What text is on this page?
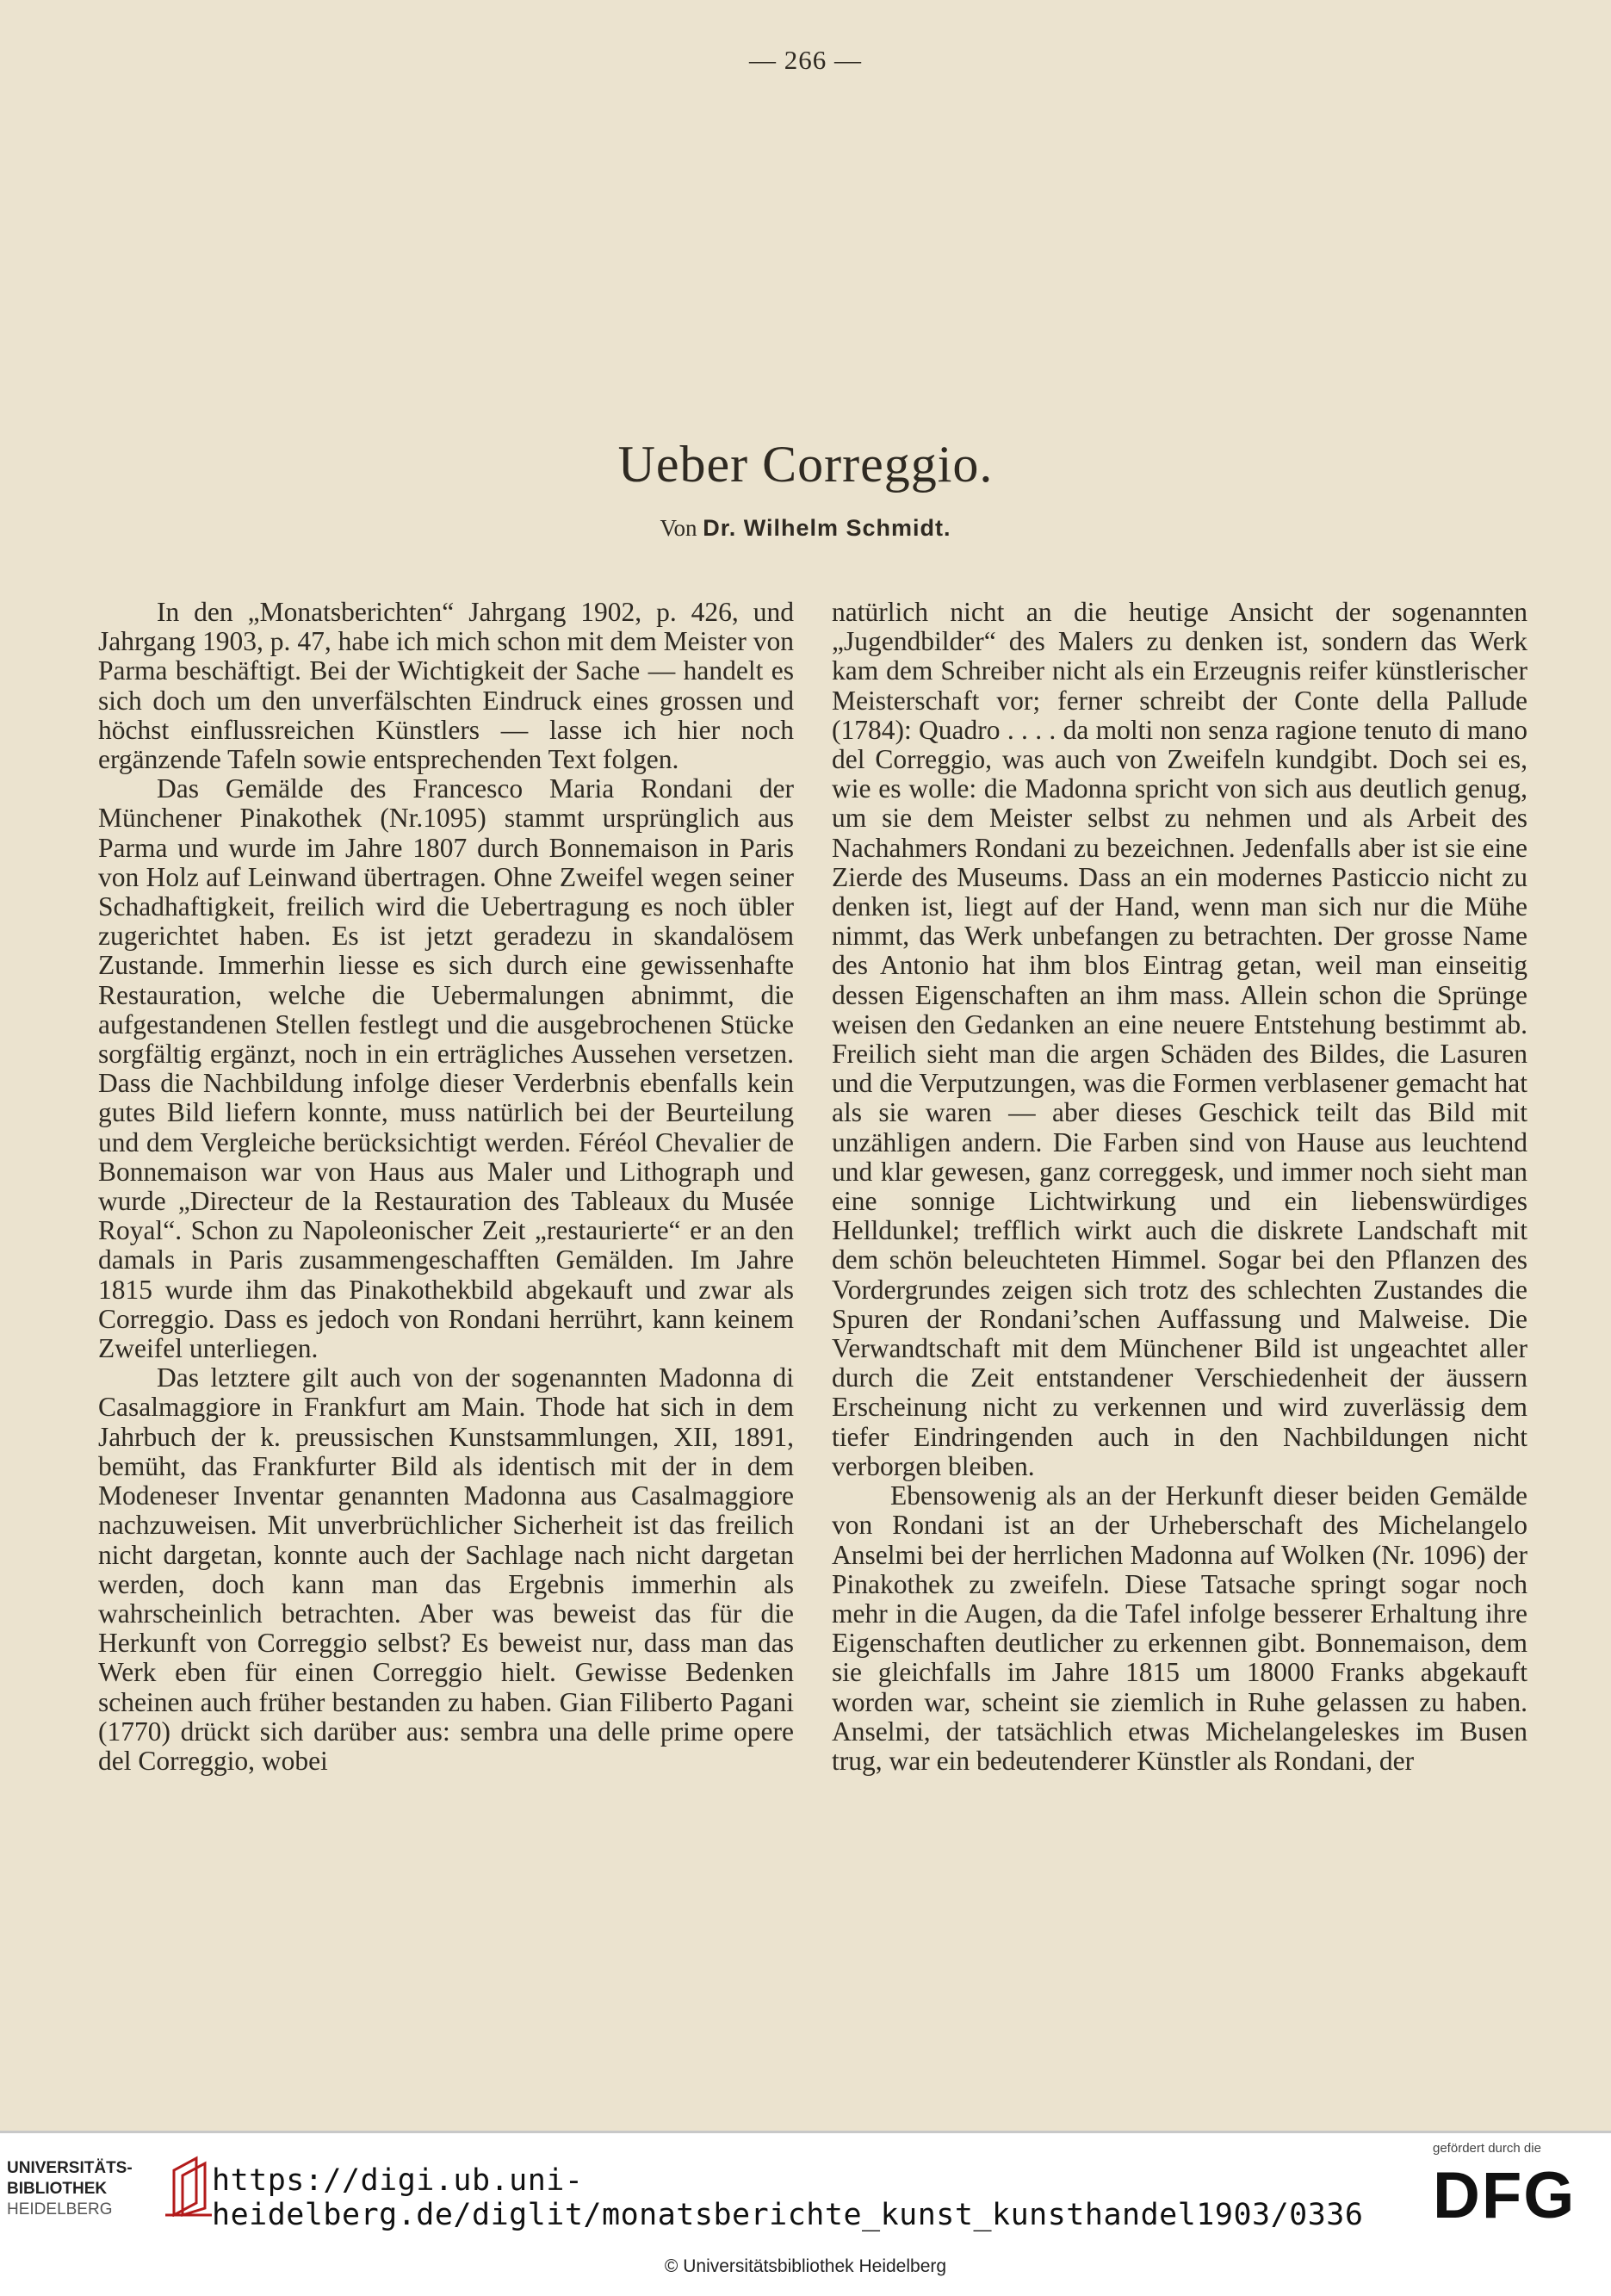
— 266 —
Ueber Correggio.
Von Dr. Wilhelm Schmidt.

In den „Monatsberichten“ Jahrgang 1902, p. 426, und Jahrgang 1903, p. 47, habe ich mich schon mit dem Meister von Parma beschäftigt. Bei der Wichtigkeit der Sache — handelt es sich doch um den unverfälschten Eindruck eines grossen und höchst einflussreichen Künstlers — lasse ich hier noch ergänzende Tafeln sowie entsprechenden Text folgen.

Das Gemälde des Francesco Maria Rondani der Münchener Pinakothek (Nr.1095) stammt ursprünglich aus Parma und wurde im Jahre 1807 durch Bonnemaison in Paris von Holz auf Leinwand übertragen. Ohne Zweifel wegen seiner Schadhaftigkeit, freilich wird die Uebertragung es noch übler zugerichtet haben. Es ist jetzt geradezu in skandalösem Zustande. Immerhin liesse es sich durch eine gewissenhafte Restauration, welche die Uebermalungen abnimmt, die aufgestandenen Stellen festlegt und die ausgebrochenen Stücke sorgfältig ergänzt, noch in ein erträgliches Aussehen versetzen. Dass die Nachbildung infolge dieser Verderbnis ebenfalls kein gutes Bild liefern konnte, muss natürlich bei der Beurteilung und dem Vergleiche berücksichtigt werden. Féréol Chevalier de Bonnemaison war von Haus aus Maler und Lithograph und wurde „Directeur de la Restauration des Tableaux du Musée Royal“. Schon zu Napoleonischer Zeit „restaurierte“ er an den damals in Paris zusammengeschafften Gemälden. Im Jahre 1815 wurde ihm das Pinakothekbild abgekauft und zwar als Correggio. Dass es jedoch von Rondani herrührt, kann keinem Zweifel unterliegen.

Das letztere gilt auch von der sogenannten Madonna di Casalmaggiore in Frankfurt am Main. Thode hat sich in dem Jahrbuch der k. preussischen Kunstsammlungen, XII, 1891, bemüht, das Frankfurter Bild als identisch mit der in dem Modeneser Inventar genannten Madonna aus Casalmaggiore nachzuweisen. Mit unverbrüchlicher Sicherheit ist das freilich nicht dargetan, konnte auch der Sachlage nach nicht dargetan werden, doch kann man das Ergebnis immerhin als wahrscheinlich betrachten. Aber was beweist das für die Herkunft von Correggio selbst? Es beweist nur, dass man das Werk eben für einen Correggio hielt. Gewisse Bedenken scheinen auch früher bestanden zu haben. Gian Filiberto Pagani (1770) drückt sich darüber aus: sembra una delle prime opere del Correggio, wobei

natürlich nicht an die heutige Ansicht der sogenannten „Jugendbilder“ des Malers zu denken ist, sondern das Werk kam dem Schreiber nicht als ein Erzeugnis reifer künstlerischer Meisterschaft vor; ferner schreibt der Conte della Pallude (1784): Quadro . . . . da molti non senza ragione tenuto di mano del Correggio, was auch von Zweifeln kundgibt. Doch sei es, wie es wolle: die Madonna spricht von sich aus deutlich genug, um sie dem Meister selbst zu nehmen und als Arbeit des Nachahmers Rondani zu bezeichnen. Jedenfalls aber ist sie eine Zierde des Museums. Dass an ein modernes Pasticcio nicht zu denken ist, liegt auf der Hand, wenn man sich nur die Mühe nimmt, das Werk unbefangen zu betrachten. Der grosse Name des Antonio hat ihm blos Eintrag getan, weil man einseitig dessen Eigenschaften an ihm mass. Allein schon die Sprünge weisen den Gedanken an eine neuere Entstehung bestimmt ab. Freilich sieht man die argen Schäden des Bildes, die Lasuren und die Verputzungen, was die Formen verblasener gemacht hat als sie waren — aber dieses Geschick teilt das Bild mit unzähligen andern. Die Farben sind von Hause aus leuchtend und klar gewesen, ganz correggesk, und immer noch sieht man eine sonnige Lichtwirkung und ein liebenswürdiges Helldunkel; trefflich wirkt auch die diskrete Landschaft mit dem schön beleuchteten Himmel. Sogar bei den Pflanzen des Vordergrundes zeigen sich trotz des schlechten Zustandes die Spuren der Rondani’schen Auffassung und Malweise. Die Verwandtschaft mit dem Münchener Bild ist ungeachtet aller durch die Zeit entstandener Verschiedenheit der äussern Erscheinung nicht zu verkennen und wird zuverlässig dem tiefer Eindringenden auch in den Nachbildungen nicht verborgen bleiben.

Ebensowenig als an der Herkunft dieser beiden Gemälde von Rondani ist an der Urheberschaft des Michelangelo Anselmi bei der herrlichen Madonna auf Wolken (Nr. 1096) der Pinakothek zu zweifeln. Diese Tatsache springt sogar noch mehr in die Augen, da die Tafel infolge besserer Erhaltung ihre Eigenschaften deutlicher zu erkennen gibt. Bonnemaison, dem sie gleichfalls im Jahre 1815 um 18000 Franks abgekauft worden war, scheint sie ziemlich in Ruhe gelassen zu haben. Anselmi, der tatsächlich etwas Michelangeleskes im Busen trug, war ein bedeutenderer Künstler als Rondani, der

UNIVERSITÄTS-
BIBLIOTHEK
HEIDELBERG
https://digi.ub.uni-heidelberg.de/diglit/monatsberichte_kunst_kunsthandel1903/0336
© Universitätsbibliothek Heidelberg
gefördert durch die
DFG
